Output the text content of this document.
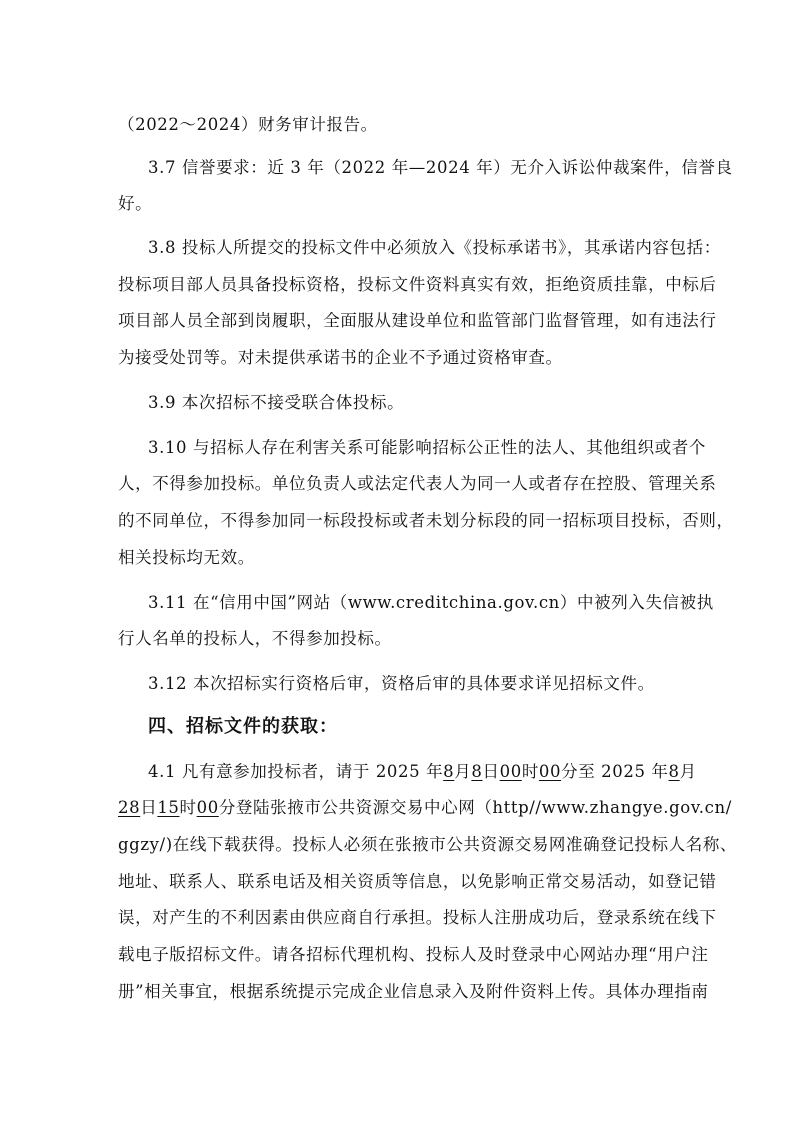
（2022～2024）财务审计报告。
3.7 信誉要求：近 3 年（2022 年—2024 年）无介入诉讼仲裁案件，信誉良
好。
3.8 投标人所提交的投标文件中必须放入《投标承诺书》，其承诺内容包括：
投标项目部人员具备投标资格，投标文件资料真实有效，拒绝资质挂靠，中标后
项目部人员全部到岗履职，全面服从建设单位和监管部门监督管理，如有违法行
为接受处罚等。对未提供承诺书的企业不予通过资格审查。
3.9 本次招标不接受联合体投标。
3.10 与招标人存在利害关系可能影响招标公正性的法人、其他组织或者个
人，不得参加投标。单位负责人或法定代表人为同一人或者存在控股、管理关系
的不同单位，不得参加同一标段投标或者未划分标段的同一招标项目投标，否则，
相关投标均无效。
3.11 在“信用中国”网站（www.creditchina.gov.cn）中被列入失信被执
行人名单的投标人，不得参加投标。
3.12 本次招标实行资格后审，资格后审的具体要求详见招标文件。
四、招标文件的获取：
4.1 凡有意参加投标者，请于 2025 年8月8日00时00分至 2025 年8月
28日15时00分登陆张掖市公共资源交易中心网（http//www.zhangye.gov.cn/
ggzy/)在线下载获得。投标人必须在张掖市公共资源交易网准确登记投标人名称、
地址、联系人、联系电话及相关资质等信息，以免影响正常交易活动，如登记错
误，对产生的不利因素由供应商自行承担。投标人注册成功后，登录系统在线下
载电子版招标文件。请各招标代理机构、投标人及时登录中心网站办理“用户注
册”相关事宜，根据系统提示完成企业信息录入及附件资料上传。具体办理指南
